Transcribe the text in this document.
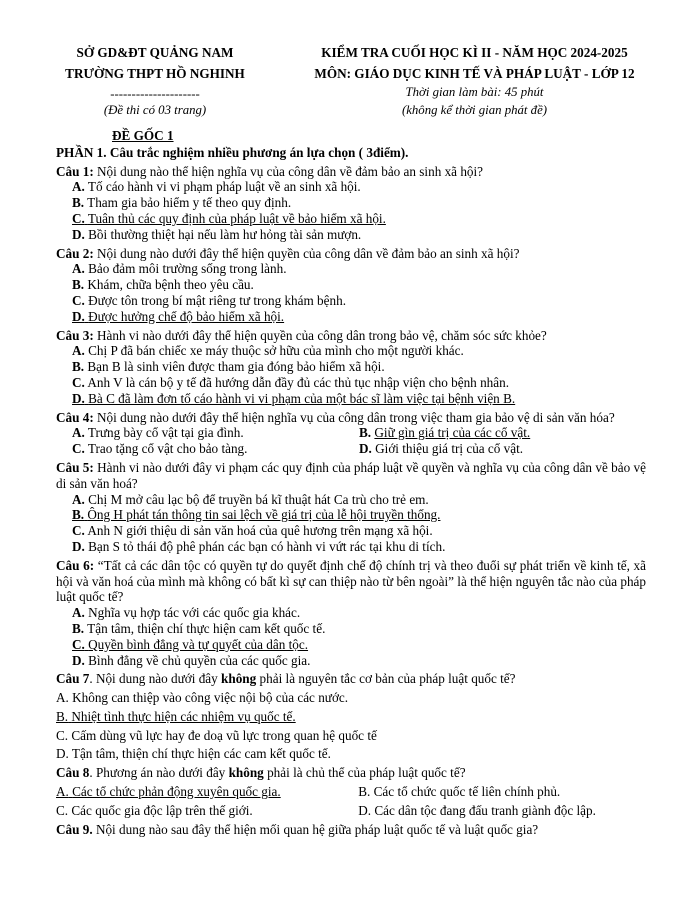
SỞ GD&ĐT QUẢNG NAM
TRƯỜNG THPT HỒ NGHINH
---------------------
(Đề thi có 03 trang)
KIỂM TRA CUỐI HỌC KÌ II - NĂM HỌC 2024-2025
MÔN: GIÁO DỤC KINH TẾ VÀ PHÁP LUẬT - LỚP 12
Thời gian làm bài: 45 phút
(không kể thời gian phát đề)
ĐỀ GỐC 1
PHẦN 1. Câu trắc nghiệm nhiều phương án lựa chọn ( 3điểm).
Câu 1: Nội dung nào thể hiện nghĩa vụ của công dân về đảm bảo an sinh xã hội?
A. Tố cáo hành vi vi phạm pháp luật về an sinh xã hội.
B. Tham gia bảo hiểm y tế theo quy định.
C. Tuân thủ các quy định của pháp luật về bảo hiểm xã hội.
D. Bồi thường thiệt hại nếu làm hư hỏng tài sản mượn.
Câu 2: Nội dung nào dưới đây thể hiện quyền của công dân về đảm bảo an sinh xã hội?
A. Bảo đảm môi trường sống trong lành.
B. Khám, chữa bệnh theo yêu cầu.
C. Được tôn trong bí mật riêng tư trong khám bệnh.
D. Được hưởng chế độ bảo hiểm xã hội.
Câu 3: Hành vi nào dưới đây thể hiện quyền của công dân trong bảo vệ, chăm sóc sức khỏe?
A. Chị P đã bán chiếc xe máy thuộc sở hữu của mình cho một người khác.
B. Bạn B là sinh viên được tham gia đóng bảo hiểm xã hội.
C. Anh V là cán bộ y tế đã hướng dẫn đầy đủ các thủ tục nhập viện cho bệnh nhân.
D. Bà C đã làm đơn tố cáo hành vi vi phạm của một bác sĩ làm việc tại bệnh viện B.
Câu 4: Nội dung nào dưới đây thể hiện nghĩa vụ của công dân trong việc tham gia bảo vệ di sản văn hóa?
A. Trưng bày cổ vật tại gia đình.	B. Giữ gìn giá trị của các cổ vật.
C. Trao tặng cổ vật cho bảo tàng.	D. Giới thiệu giá trị của cổ vật.
Câu 5: Hành vi nào dưới đây vi phạm các quy định của pháp luật về quyền và nghĩa vụ của công dân về bảo vệ di sản văn hoá?
A. Chị M mở câu lạc bộ để truyền bá kĩ thuật hát Ca trù cho trẻ em.
B. Ông H phát tán thông tin sai lệch về giá trị của lễ hội truyền thống.
C. Anh N giới thiệu di sản văn hoá của quê hương trên mạng xã hội.
D. Bạn S tỏ thái độ phê phán các bạn có hành vi vứt rác tại khu di tích.
Câu 6: “Tất cả các dân tộc có quyền tự do quyết định chế độ chính trị và theo đuổi sự phát triển về kinh tế, xã hội và văn hoá của mình mà không có bất kì sự can thiệp nào từ bên ngoài” là thể hiện nguyên tắc nào của pháp luật quốc tế?
A. Nghĩa vụ hợp tác với các quốc gia khác.
B. Tận tâm, thiện chí thực hiện cam kết quốc tế.
C. Quyền bình đẳng và tự quyết của dân tộc.
D. Bình đẳng về chủ quyền của các quốc gia.
Câu 7. Nội dung nào dưới đây không phải là nguyên tắc cơ bản của pháp luật quốc tế?
A. Không can thiệp vào công việc nội bộ của các nước.
B. Nhiệt tình thực hiện các nhiệm vụ quốc tế.
C. Cấm dùng vũ lực hay đe doạ vũ lực trong quan hệ quốc tế
D. Tận tâm, thiện chí thực hiện các cam kết quốc tế.
Câu 8. Phương án nào dưới đây không phải là chủ thể của pháp luật quốc tế?
A. Các tổ chức phản động xuyên quốc gia.	B. Các tổ chức quốc tế liên chính phủ.
C. Các quốc gia độc lập trên thế giới.	D. Các dân tộc đang đấu tranh giành độc lập.
Câu 9. Nội dung nào sau đây thể hiện mối quan hệ giữa pháp luật quốc tế và luật quốc gia?
